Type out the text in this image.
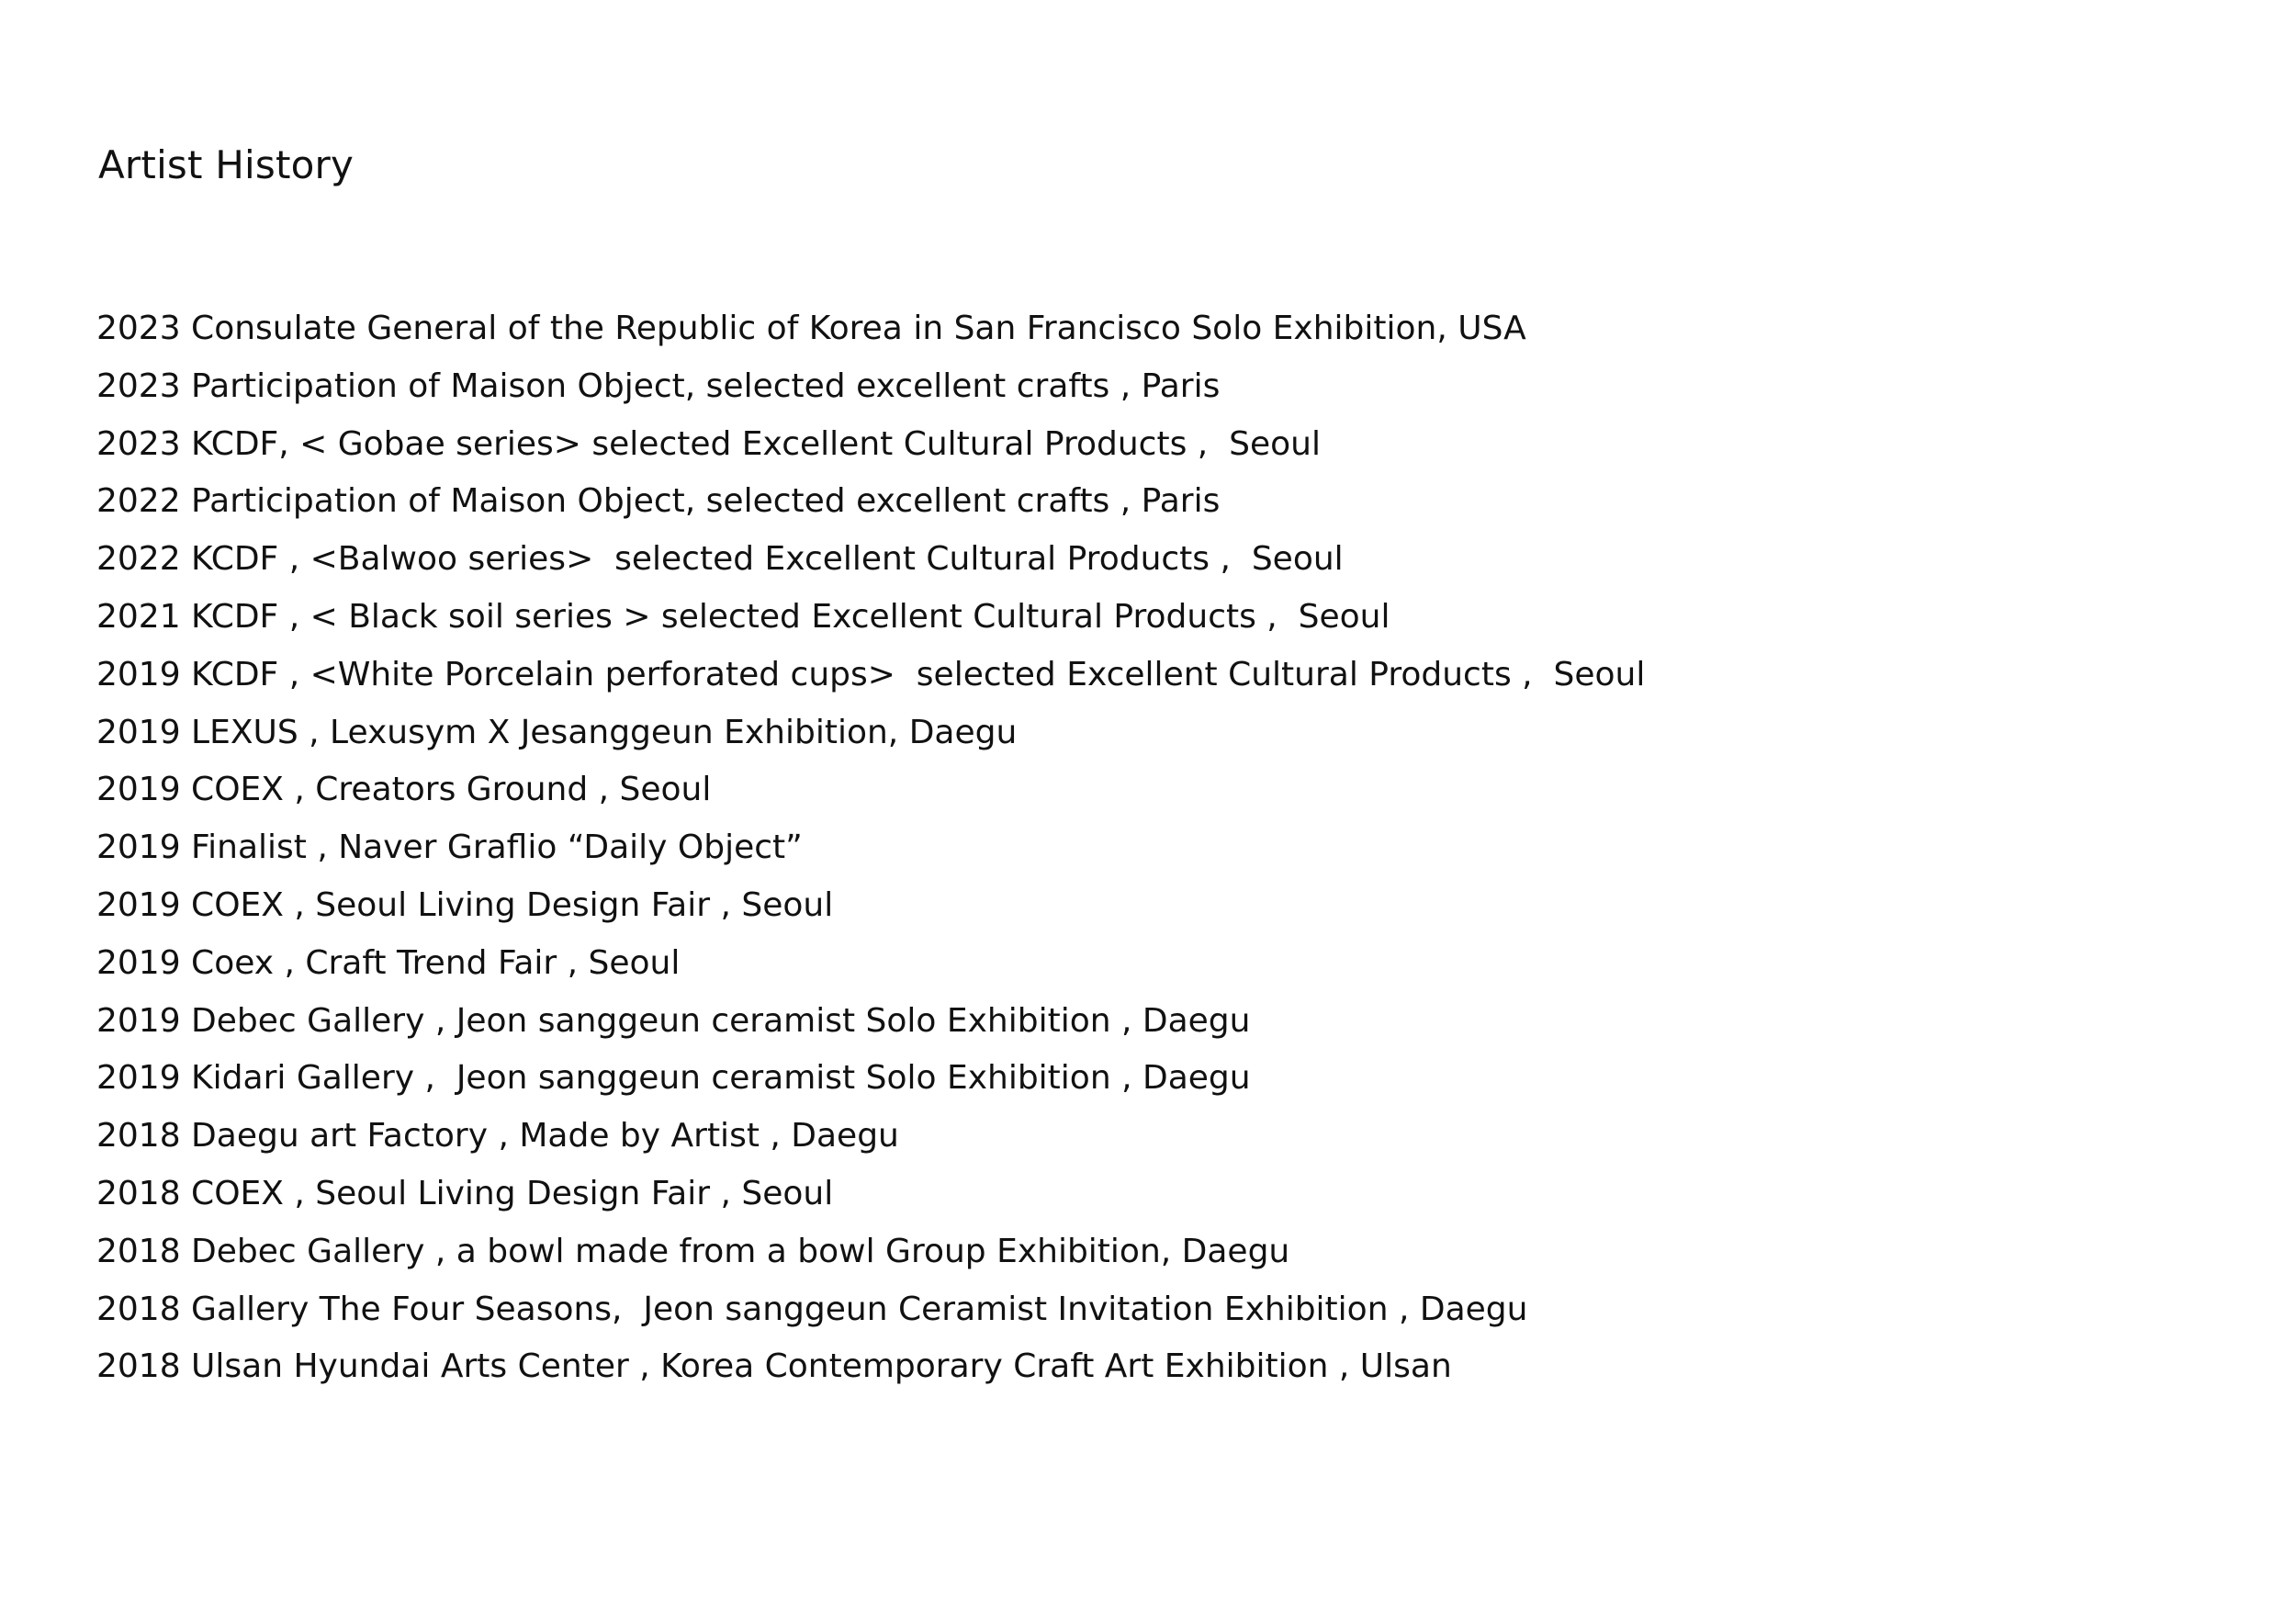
Artist History
2023 Consulate General of the Republic of Korea in San Francisco Solo Exhibition, USA
2023 Participation of Maison Object, selected excellent crafts , Paris
2023 KCDF, < Gobae series> selected Excellent Cultural Products ,  Seoul
2022 Participation of Maison Object, selected excellent crafts , Paris
2022 KCDF , <Balwoo series>  selected Excellent Cultural Products ,  Seoul
2021 KCDF , < Black soil series > selected Excellent Cultural Products ,  Seoul
2019 KCDF , <White Porcelain perforated cups>  selected Excellent Cultural Products ,  Seoul
2019 LEXUS , Lexusym X Jesanggeun Exhibition, Daegu
2019 COEX , Creators Ground , Seoul
2019 Finalist , Naver Graflio “Daily Object”
2019 COEX , Seoul Living Design Fair , Seoul
2019 Coex , Craft Trend Fair , Seoul
2019 Debec Gallery , Jeon sanggeun ceramist Solo Exhibition , Daegu
2019 Kidari Gallery ,  Jeon sanggeun ceramist Solo Exhibition , Daegu
2018 Daegu art Factory , Made by Artist , Daegu
2018 COEX , Seoul Living Design Fair , Seoul
2018 Debec Gallery , a bowl made from a bowl Group Exhibition, Daegu
2018 Gallery The Four Seasons,  Jeon sanggeun Ceramist Invitation Exhibition , Daegu
2018 Ulsan Hyundai Arts Center , Korea Contemporary Craft Art Exhibition , Ulsan
